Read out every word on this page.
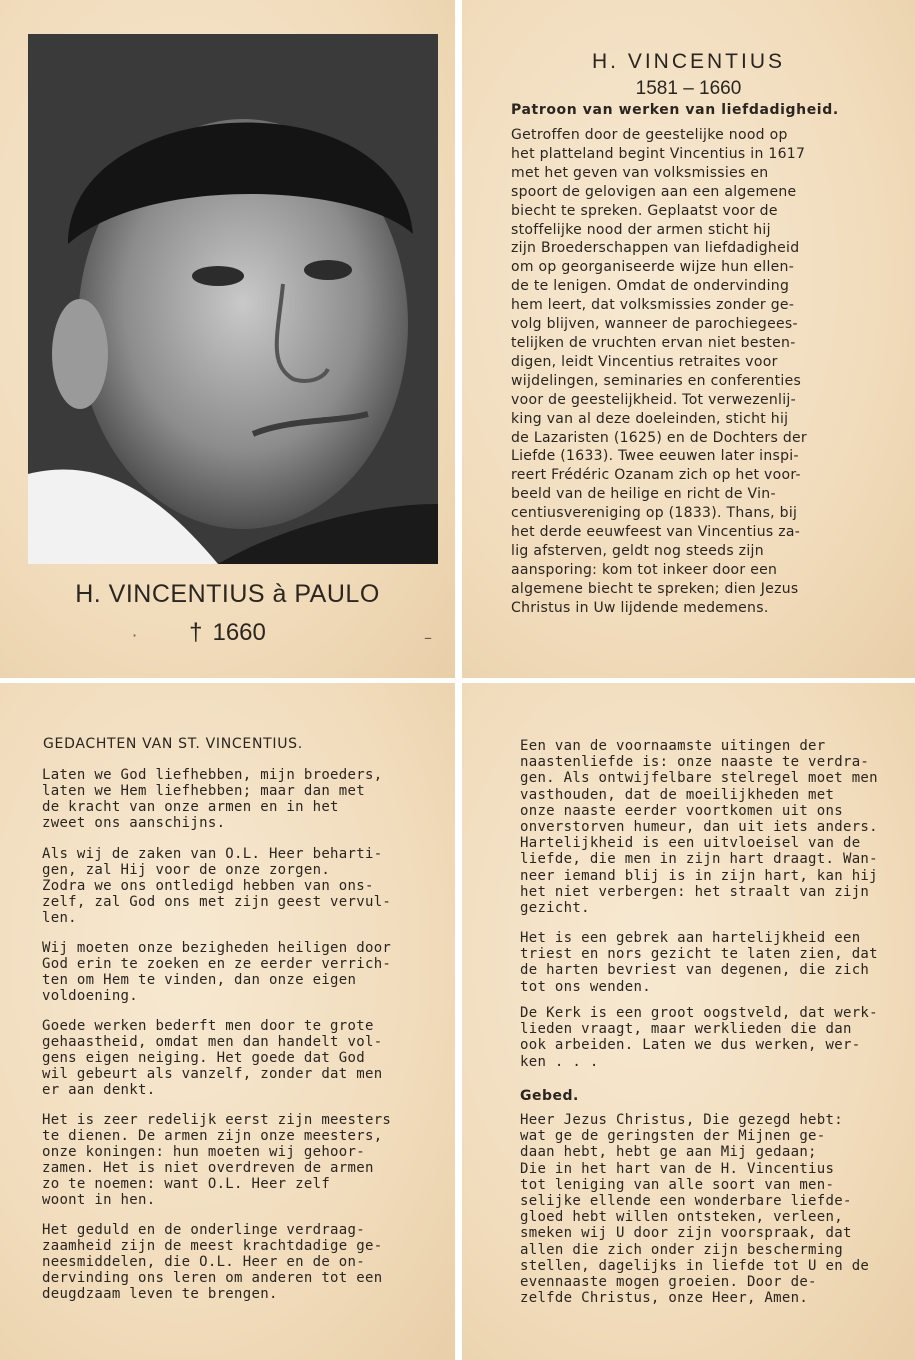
H. VINCENTIUS à PAULO
† 1660
·	–
H. VINCENTIUS
1581 – 1660
Patroon van werken van liefdadigheid.
Getroffen door de geestelijke nood op
het platteland begint Vincentius in 1617
met het geven van volksmissies en
spoort de gelovigen aan een algemene
biecht te spreken. Geplaatst voor de
stoffelijke nood der armen sticht hij
zijn Broederschappen van liefdadigheid
om op georganiseerde wijze hun ellen-
de te lenigen. Omdat de ondervinding
hem leert, dat volksmissies zonder ge-
volg blijven, wanneer de parochiegees-
telijken de vruchten ervan niet besten-
digen, leidt Vincentius retraites voor
wijdelingen, seminaries en conferenties
voor de geestelijkheid. Tot verwezenlij-
king van al deze doeleinden, sticht hij
de Lazaristen (1625) en de Dochters der
Liefde (1633). Twee eeuwen later inspi-
reert Frédéric Ozanam zich op het voor-
beeld van de heilige en richt de Vin-
centiusvereniging op (1833). Thans, bij
het derde eeuwfeest van Vincentius za-
lig afsterven, geldt nog steeds zijn
aansporing: kom tot inkeer door een
algemene biecht te spreken; dien Jezus
Christus in Uw lijdende medemens.
GEDACHTEN VAN ST. VINCENTIUS.
Laten we God liefhebben, mijn broeders,
laten we Hem liefhebben; maar dan met
de kracht van onze armen en in het
zweet ons aanschijns.
Als wij de zaken van O.L. Heer beharti-
gen, zal Hij voor de onze zorgen.
Zodra we ons ontledigd hebben van ons-
zelf, zal God ons met zijn geest vervul-
len.
Wij moeten onze bezigheden heiligen door
God erin te zoeken en ze eerder verrich-
ten om Hem te vinden, dan onze eigen
voldoening.
Goede werken bederft men door te grote
gehaastheid, omdat men dan handelt vol-
gens eigen neiging. Het goede dat God
wil gebeurt als vanzelf, zonder dat men
er aan denkt.
Het is zeer redelijk eerst zijn meesters
te dienen. De armen zijn onze meesters,
onze koningen: hun moeten wij gehoor-
zamen. Het is niet overdreven de armen
zo te noemen: want O.L. Heer zelf
woont in hen.
Het geduld en de onderlinge verdraag-
zaamheid zijn de meest krachtdadige ge-
neesmiddelen, die O.L. Heer en de on-
dervinding ons leren om anderen tot een
deugdzaam leven te brengen.
Een van de voornaamste uitingen der
naastenliefde is: onze naaste te verdra-
gen. Als ontwijfelbare stelregel moet men
vasthouden, dat de moeilijkheden met
onze naaste eerder voortkomen uit ons
onverstorven humeur, dan uit iets anders.
Hartelijkheid is een uitvloeisel van de
liefde, die men in zijn hart draagt. Wan-
neer iemand blij is in zijn hart, kan hij
het niet verbergen: het straalt van zijn
gezicht.
Het is een gebrek aan hartelijkheid een
triest en nors gezicht te laten zien, dat
de harten bevriest van degenen, die zich
tot ons wenden.
De Kerk is een groot oogstveld, dat werk-
lieden vraagt, maar werklieden die dan
ook arbeiden. Laten we dus werken, wer-
ken . . .
Gebed.
Heer Jezus Christus, Die gezegd hebt:
wat ge de geringsten der Mijnen ge-
daan hebt, hebt ge aan Mij gedaan;
Die in het hart van de H. Vincentius
tot leniging van alle soort van men-
selijke ellende een wonderbare liefde-
gloed hebt willen ontsteken, verleen,
smeken wij U door zijn voorspraak, dat
allen die zich onder zijn bescherming
stellen, dagelijks in liefde tot U en de
evennaaste mogen groeien. Door de-
zelfde Christus, onze Heer, Amen.
